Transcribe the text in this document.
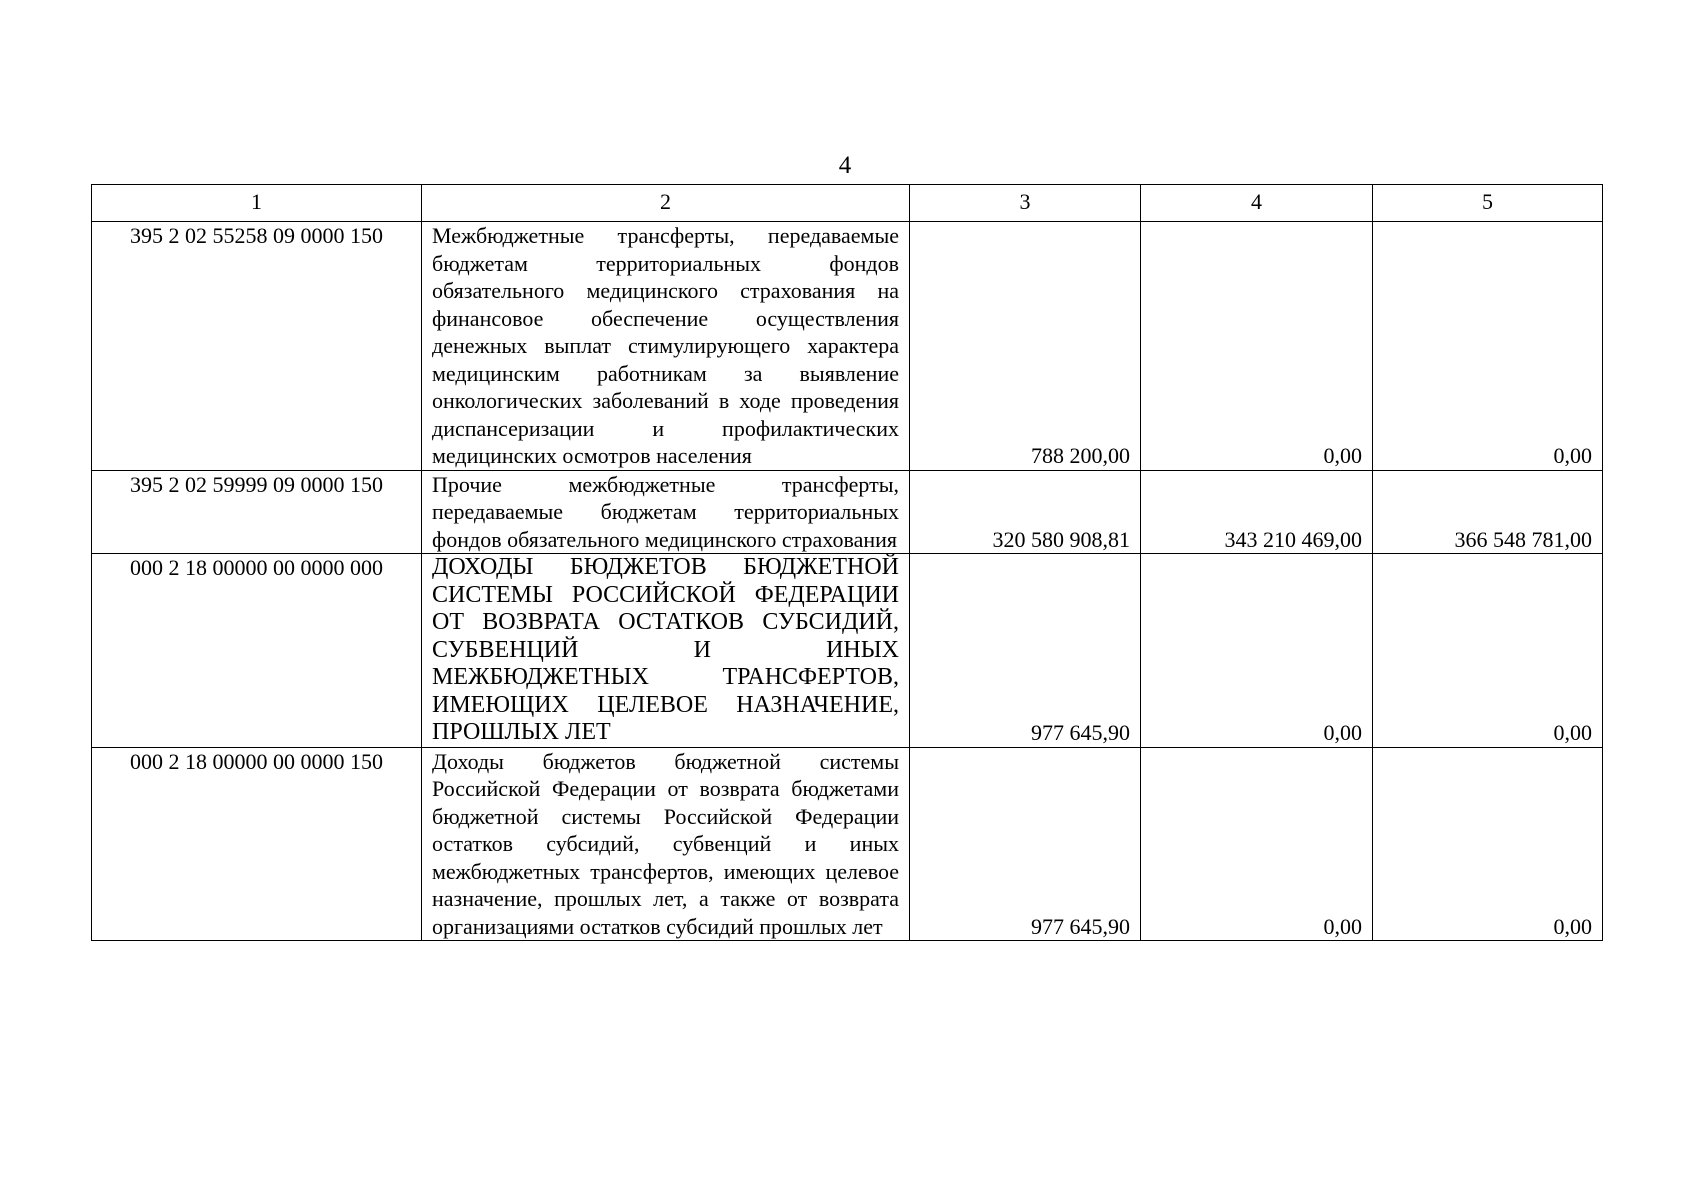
4
1	2	3	4	5
395 2 02 55258 09 0000 150	Межбюджетные трансферты, передаваемые бюджетам территориальных фондов обязательного медицинского страхования на финансовое обеспечение осуществления денежных выплат стимулирующего характера медицинским работникам за выявление онкологических заболеваний в ходе проведения диспансеризации и профилактических медицинских осмотров населения	788 200,00	0,00	0,00
395 2 02 59999 09 0000 150	Прочие межбюджетные трансферты, передаваемые бюджетам территориальных фондов обязательного медицинского страхования	320 580 908,81	343 210 469,00	366 548 781,00
000 2 18 00000 00 0000 000	ДОХОДЫ БЮДЖЕТОВ БЮДЖЕТНОЙ СИСТЕМЫ РОССИЙСКОЙ ФЕДЕРАЦИИ ОТ ВОЗВРАТА ОСТАТКОВ СУБСИДИЙ, СУБВЕНЦИЙ И ИНЫХ МЕЖБЮДЖЕТНЫХ ТРАНСФЕРТОВ, ИМЕЮЩИХ ЦЕЛЕВОЕ НАЗНАЧЕНИЕ, ПРОШЛЫХ ЛЕТ	977 645,90	0,00	0,00
000 2 18 00000 00 0000 150	Доходы бюджетов бюджетной системы Российской Федерации от возврата бюджетами бюджетной системы Российской Федерации остатков субсидий, субвенций и иных межбюджетных трансфертов, имеющих целевое назначение, прошлых лет, а также от возврата организациями остатков субсидий прошлых лет	977 645,90	0,00	0,00
